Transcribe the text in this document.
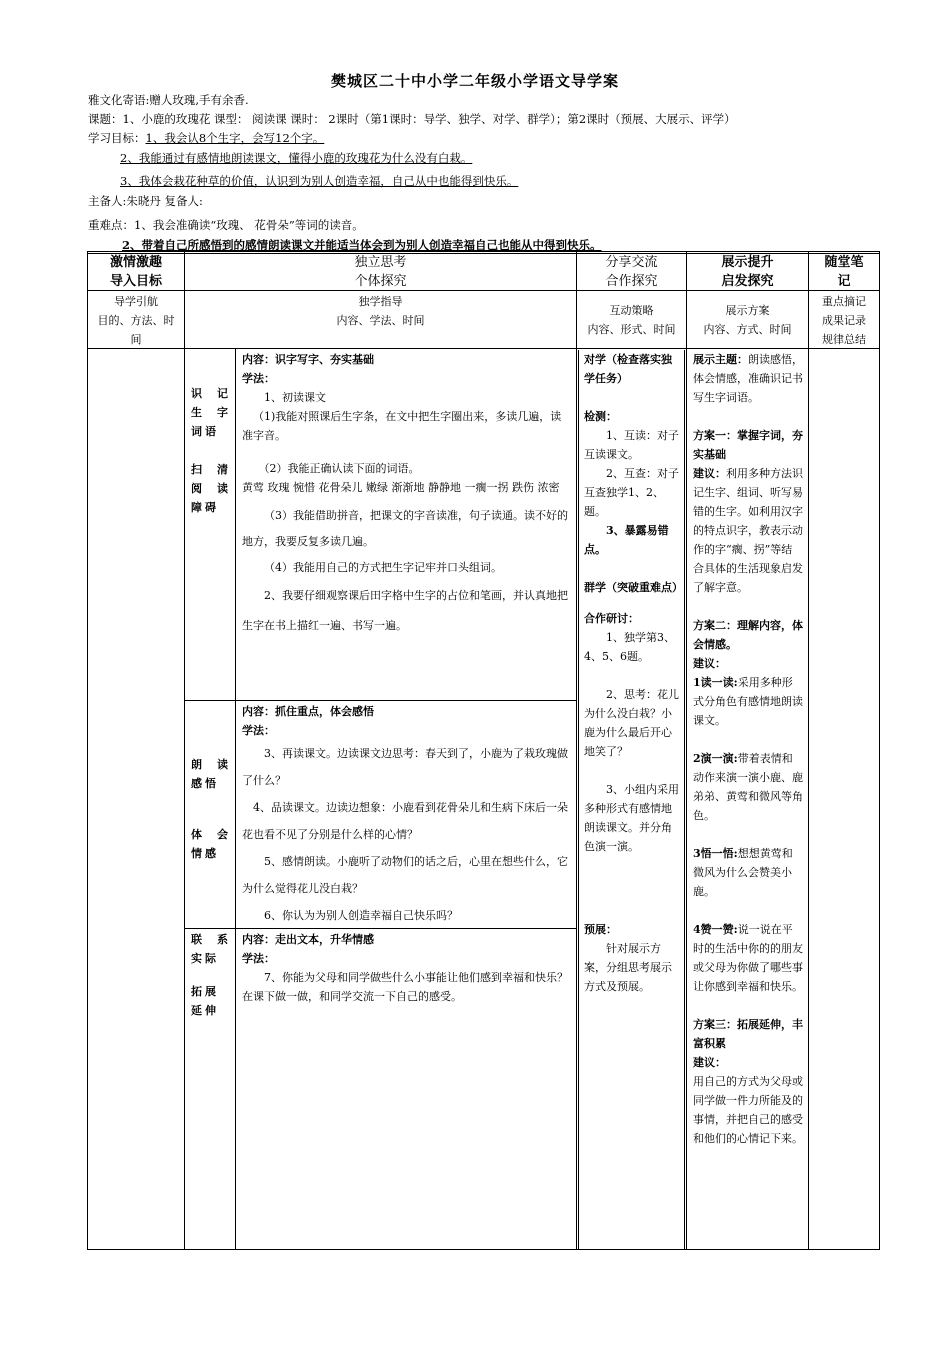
樊城区二十中小学二年级小学语文导学案
雅文化寄语:赠人玫瑰,手有余香.
课题：1、小鹿的玫瑰花 课型： 阅读课 课时： 2课时（第1课时：导学、独学、对学、群学）；第2课时（预展、大展示、评学）
学习目标：1、我会认8个生字，会写12个字。
2、我能通过有感情地朗读课文，懂得小鹿的玫瑰花为什么没有白栽。
3、我体会栽花种草的价值，认识到为别人创造幸福，自己从中也能得到快乐。
主备人:朱晓丹 复备人:
重难点：1、我会准确读“玫瑰、 花骨朵”等词的读音。
2、带着自己所感悟到的感情朗读课文并能适当体会到为别人创造幸福自己也能从中得到快乐。
激情激趣
导入目标
独立思考
个体探究
分享交流
合作探究
展示提升
启发探究
随堂笔
记
导学引航
目的、方法、时
间
独学指导
内容、学法、时间
互动策略
内容、形式、时间
展示方案
内容、方式、时间
重点摘记
成果记录
规律总结
识记
生字
词语
扫清
阅读
障碍
朗读
感悟
体会
情感
联系
实际
拓展
延伸

内容：识字写字、夯实基础

学法：

1、初读课文

（1)我能对照课后生字条，在文中把生字圈出来，多读几遍，读准字音。

（2）我能正确认读下面的词语。

黄莺 玫瑰 惋惜 花骨朵儿 嫩绿 渐渐地 静静地 一瘸一拐 跌伤 浓密

（3）我能借助拼音，把课文的字音读准，句子读通。读不好的地方，我要反复多读几遍。

（4）我能用自己的方式把生字记牢并口头组词。

2、我要仔细观察课后田字格中生字的占位和笔画，并认真地把生字在书上描红一遍、书写一遍。

内容：抓住重点，体会感悟

学法：

3、再读课文。边读课文边思考：春天到了，小鹿为了栽玫瑰做了什么？

4、品读课文。边读边想象：小鹿看到花骨朵儿和生病下床后一朵花也看不见了分别是什么样的心情？

5、感情朗读。小鹿听了动物们的话之后，心里在想些什么，它为什么觉得花儿没白栽？

6、你认为为别人创造幸福自己快乐吗？

内容：走出文本，升华情感

学法：

7、你能为父母和同学做些什么小事能让他们感到幸福和快乐？在课下做一做，和同学交流一下自己的感受。

对学（检查落实独学任务）

检测：

1、互读：对子互读课文。

2、互查：对子互查独学1、2、题。

3、暴露易错点。

群学（突破重难点）

合作研讨：

1、独学第3、4、5、6题。

2、思考：花儿为什么没白栽？小鹿为什么最后开心地笑了？

3、小组内采用多种形式有感情地朗读课文。并分角色演一演。

预展：

针对展示方案，分组思考展示方式及预展。

展示主题：朗读感悟，体会情感，准确识记书写生字词语。

方案一：掌握字词，夯实基础

建议：利用多种方法识记生字、组词、听写易错的生字。如利用汉字的特点识字，教表示动作的字“瘸、拐”等结合具体的生活现象启发了解字意。

方案二：理解内容，体会情感。

建议：

1读一读:采用多种形式分角色有感情地朗读课文。

2演一演:带着表情和动作来演一演小鹿、鹿弟弟、黄莺和微风等角色。

3悟一悟:想想黄莺和微风为什么会赞美小鹿。

4赞一赞:说一说在平时的生活中你的的朋友或父母为你做了哪些事让你感到幸福和快乐。

方案三：拓展延伸，丰富积累

建议：

用自己的方式为父母或同学做一件力所能及的事情，并把自己的感受和他们的心情记下来。
